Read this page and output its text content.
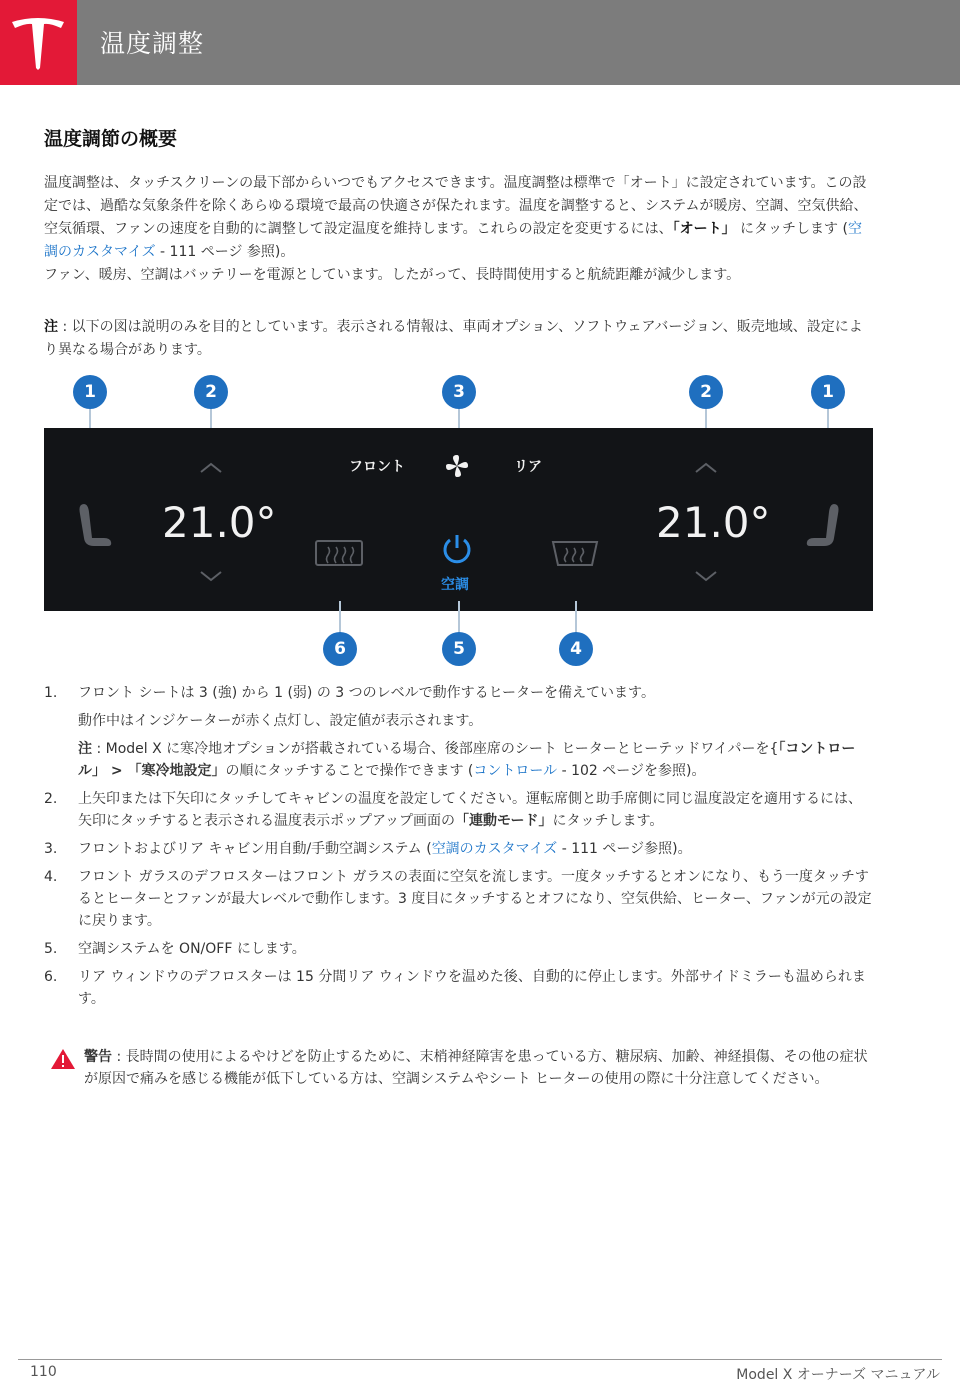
温度調整
温度調節の概要
温度調整は、タッチスクリーンの最下部からいつでもアクセスできます。温度調整は標準で「オート」に設定されています。この設定では、過酷な気象条件を除くあらゆる環境で最高の快適さが保たれます。温度を調整すると、システムが暖房、空調、空気供給、空気循環、ファンの速度を自動的に調整して設定温度を維持します。これらの設定を変更するには、「オート」 にタッチします (空調のカスタマイズ - 111 ページ 参照)。
ファン、暖房、空調はバッテリーを電源としています。したがって、長時間使用すると航続距離が減少します。
注 : 以下の図は説明のみを目的としています。表示される情報は、車両オプション、ソフトウェアバージョン、販売地域、設定により異なる場合があります。
1	2	3	2	1
21.0°
フロント	リア
空調
21.0°
6	5	4
1.	フロント シートは 3 (強) から 1 (弱) の 3 つのレベルで動作するヒーターを備えています。
動作中はインジケーターが赤く点灯し、設定値が表示されます。
注 : Model X に寒冷地オプションが搭載されている場合、後部座席のシート ヒーターとヒーテッドワイパーを{「コントロール」 > 「寒冷地設定」の順にタッチすることで操作できます (コントロール - 102 ページを参照)。
2.	上矢印または下矢印にタッチしてキャビンの温度を設定してください。運転席側と助手席側に同じ温度設定を適用するには、矢印にタッチすると表示される温度表示ポップアップ画面の「連動モード」にタッチします。
3.	フロントおよびリア キャビン用自動/手動空調システム (空調のカスタマイズ - 111 ページ参照)。
4.	フロント ガラスのデフロスターはフロント ガラスの表面に空気を流します。一度タッチするとオンになり、もう一度タッチするとヒーターとファンが最大レベルで動作します。3 度目にタッチするとオフになり、空気供給、ヒーター、ファンが元の設定に戻ります。
5.	空調システムを ON/OFF にします。
6.	リア ウィンドウのデフロスターは 15 分間リア ウィンドウを温めた後、自動的に停止します。外部サイドミラーも温められます。
警告 : 長時間の使用によるやけどを防止するために、末梢神経障害を患っている方、糖尿病、加齢、神経損傷、その他の症状が原因で痛みを感じる機能が低下している方は、空調システムやシート ヒーターの使用の際に十分注意してください。
110	Model X オーナーズ マニュアル
